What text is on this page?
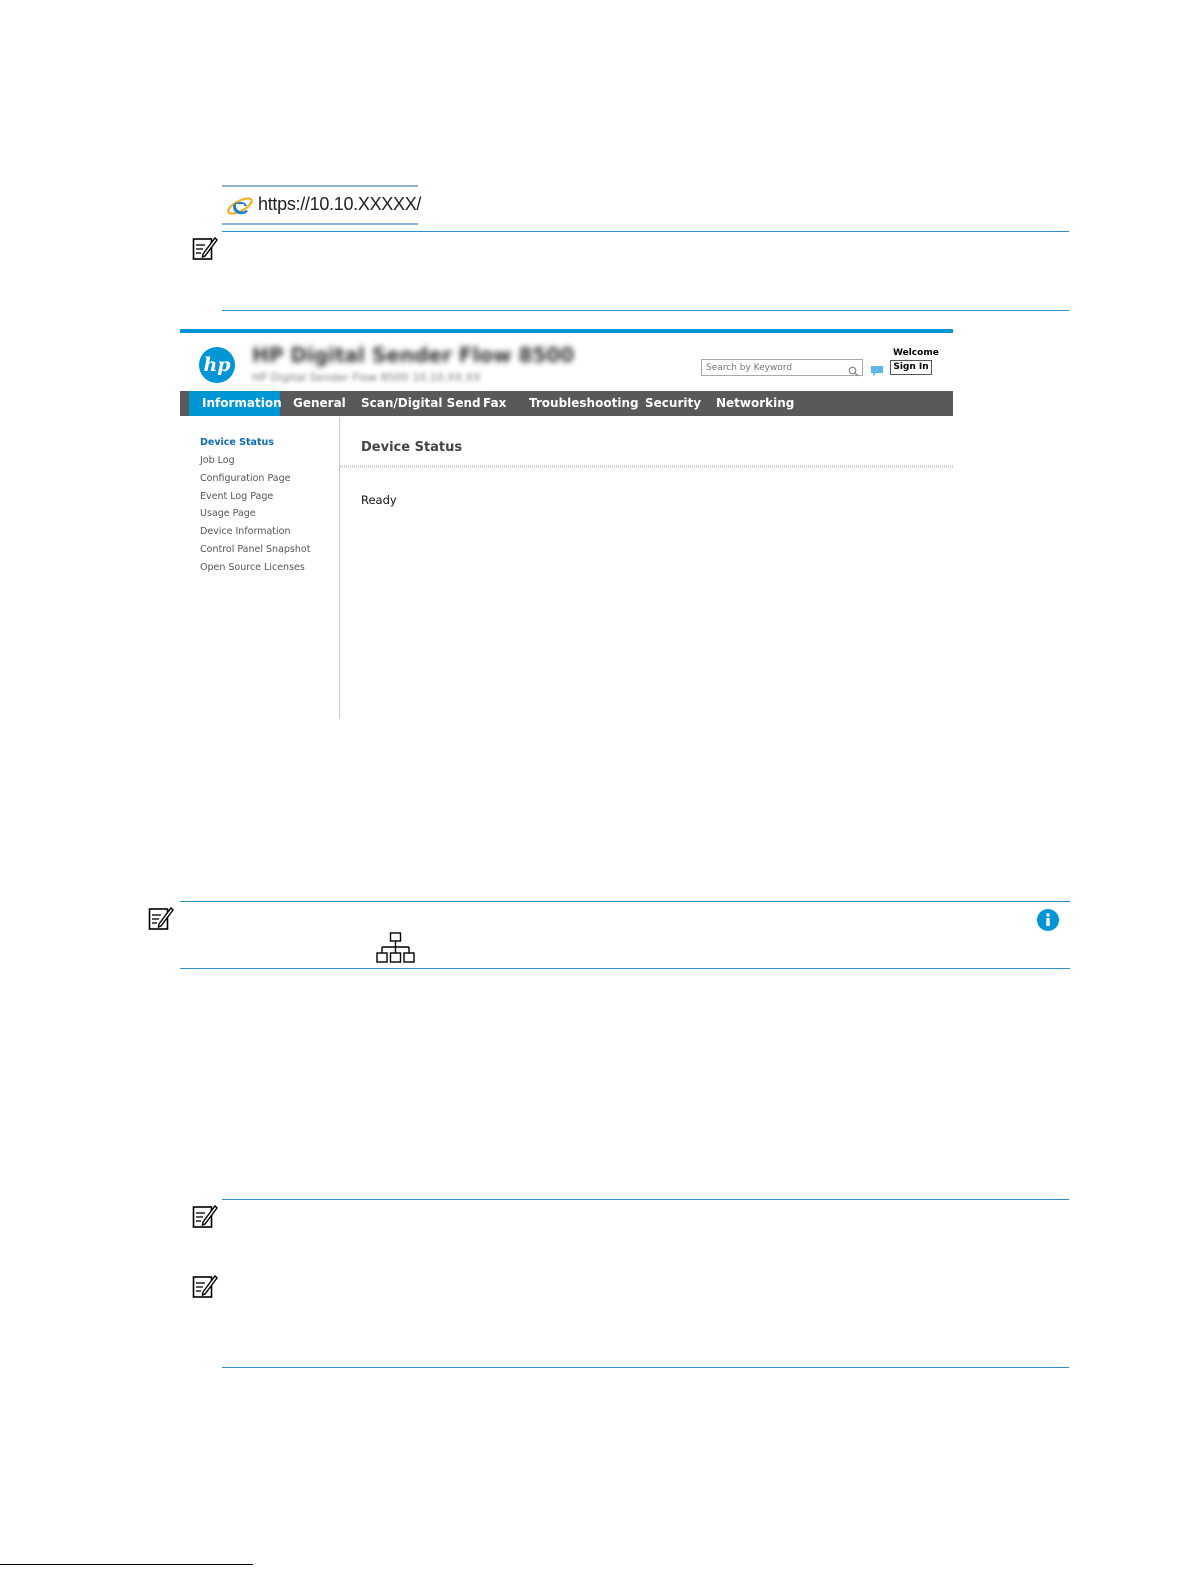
https://10.10.XXXXX/
hp HP Digital Sender Flow 8500
HP Digital Sender Flow 8500 10.10.XX.XX
Search by Keyword
Welcome
Sign In
Information General	Scan/Digital Send Fax	Troubleshooting Security	Networking
Device Status
Job Log
Configuration Page
Event Log Page
Usage Page
Device Information
Control Panel Snapshot
Open Source Licenses
Device Status
Ready
